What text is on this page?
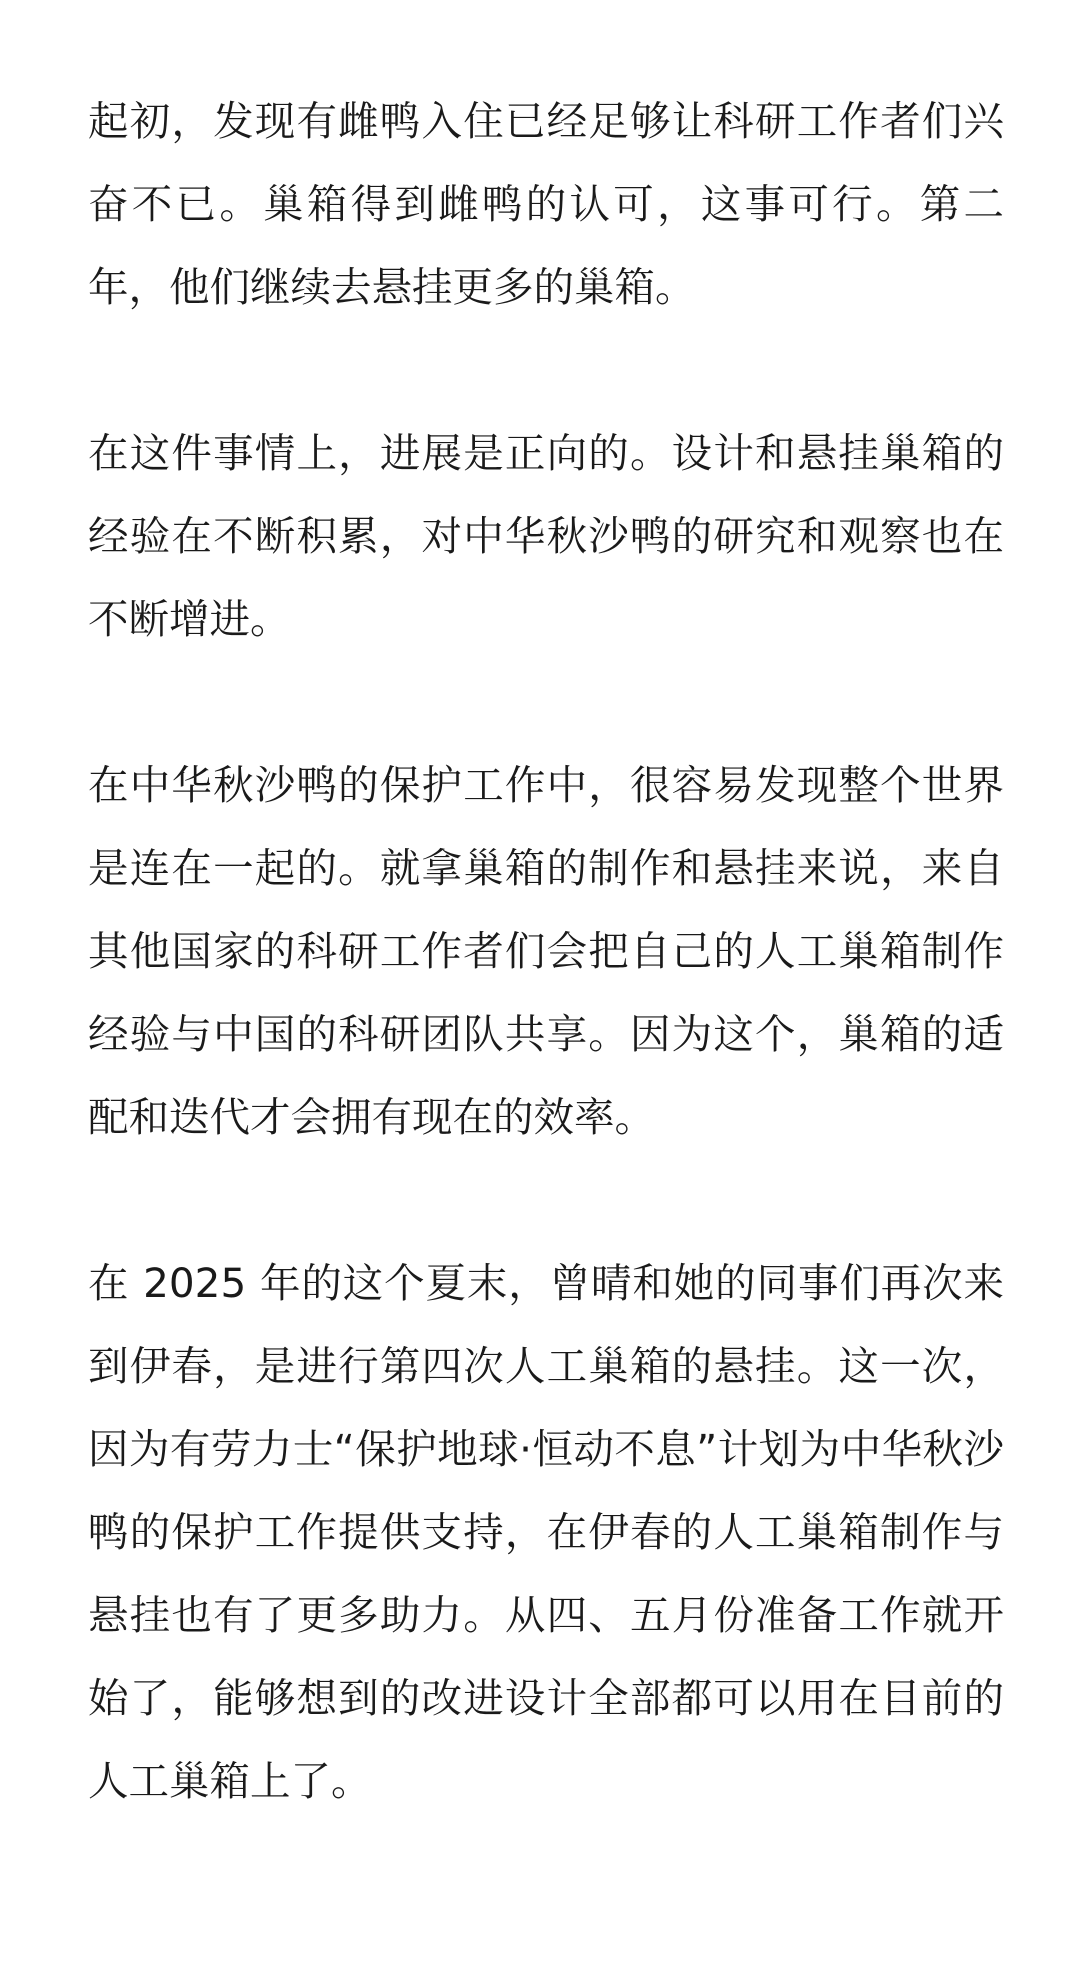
起初，发现有雌鸭入住已经足够让科研工作者们兴奋不已。巢箱得到雌鸭的认可，这事可行。第二年，他们继续去悬挂更多的巢箱。

在这件事情上，进展是正向的。设计和悬挂巢箱的经验在不断积累，对中华秋沙鸭的研究和观察也在不断增进。

在中华秋沙鸭的保护工作中，很容易发现整个世界是连在一起的。就拿巢箱的制作和悬挂来说，来自其他国家的科研工作者们会把自己的人工巢箱制作经验与中国的科研团队共享。因为这个，巢箱的适配和迭代才会拥有现在的效率。

在 2025 年的这个夏末，曾晴和她的同事们再次来到伊春，是进行第四次人工巢箱的悬挂。这一次，因为有劳力士“保护地球·恒动不息”计划为中华秋沙鸭的保护工作提供支持，在伊春的人工巢箱制作与悬挂也有了更多助力。从四、五月份准备工作就开始了，能够想到的改进设计全部都可以用在目前的人工巢箱上了。
